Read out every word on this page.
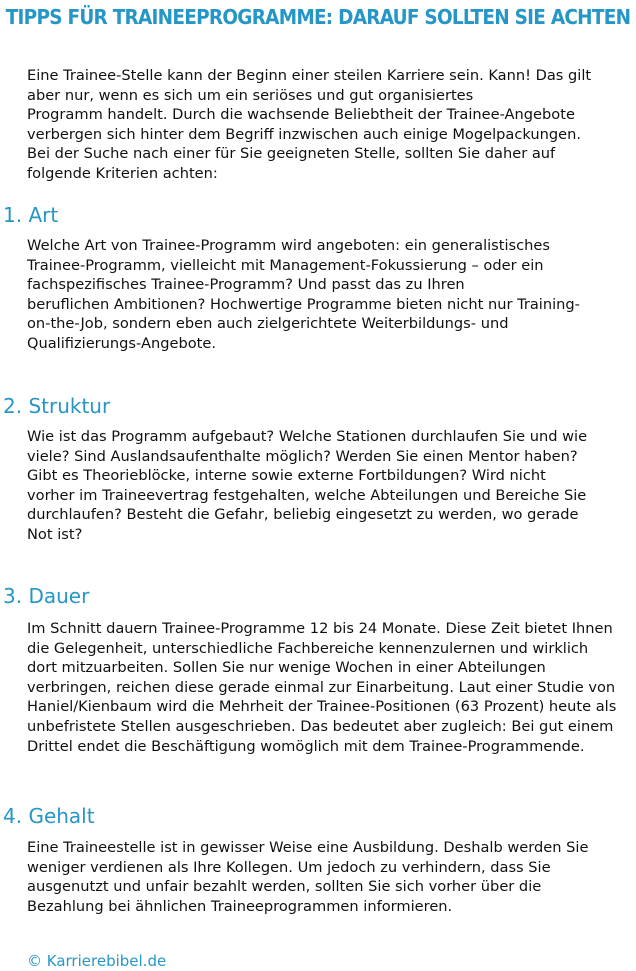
TIPPS FÜR TRAINEEPROGRAMME: DARAUF SOLLTEN SIE ACHTEN
Eine Trainee-Stelle kann der Beginn einer steilen Karriere sein. Kann! Das gilt
aber nur, wenn es sich um ein seriöses und gut organisiertes
Programm handelt. Durch die wachsende Beliebtheit der Trainee-Angebote
verbergen sich hinter dem Begriff inzwischen auch einige Mogelpackungen.
Bei der Suche nach einer für Sie geeigneten Stelle, sollten Sie daher auf
folgende Kriterien achten:
1. Art
Welche Art von Trainee-Programm wird angeboten: ein generalistisches
Trainee-Programm, vielleicht mit Management-Fokussierung – oder ein
fachspezifisches Trainee-Programm? Und passt das zu Ihren
beruflichen Ambitionen? Hochwertige Programme bieten nicht nur Training-
on-the-Job, sondern eben auch zielgerichtete Weiterbildungs- und
Qualifizierungs-Angebote.
2. Struktur
Wie ist das Programm aufgebaut? Welche Stationen durchlaufen Sie und wie
viele? Sind Auslandsaufenthalte möglich? Werden Sie einen Mentor haben?
Gibt es Theorieblöcke, interne sowie externe Fortbildungen? Wird nicht
vorher im Traineevertrag festgehalten, welche Abteilungen und Bereiche Sie
durchlaufen? Besteht die Gefahr, beliebig eingesetzt zu werden, wo gerade
Not ist?
3. Dauer
Im Schnitt dauern Trainee-Programme 12 bis 24 Monate. Diese Zeit bietet Ihnen
die Gelegenheit, unterschiedliche Fachbereiche kennenzulernen und wirklich
dort mitzuarbeiten. Sollen Sie nur wenige Wochen in einer Abteilungen
verbringen, reichen diese gerade einmal zur Einarbeitung. Laut einer Studie von
Haniel/Kienbaum wird die Mehrheit der Trainee-Positionen (63 Prozent) heute als
unbefristete Stellen ausgeschrieben. Das bedeutet aber zugleich: Bei gut einem
Drittel endet die Beschäftigung womöglich mit dem Trainee-Programmende.
4. Gehalt
Eine Traineestelle ist in gewisser Weise eine Ausbildung. Deshalb werden Sie
weniger verdienen als Ihre Kollegen. Um jedoch zu verhindern, dass Sie
ausgenutzt und unfair bezahlt werden, sollten Sie sich vorher über die
Bezahlung bei ähnlichen Traineeprogrammen informieren.
© Karrierebibel.de
